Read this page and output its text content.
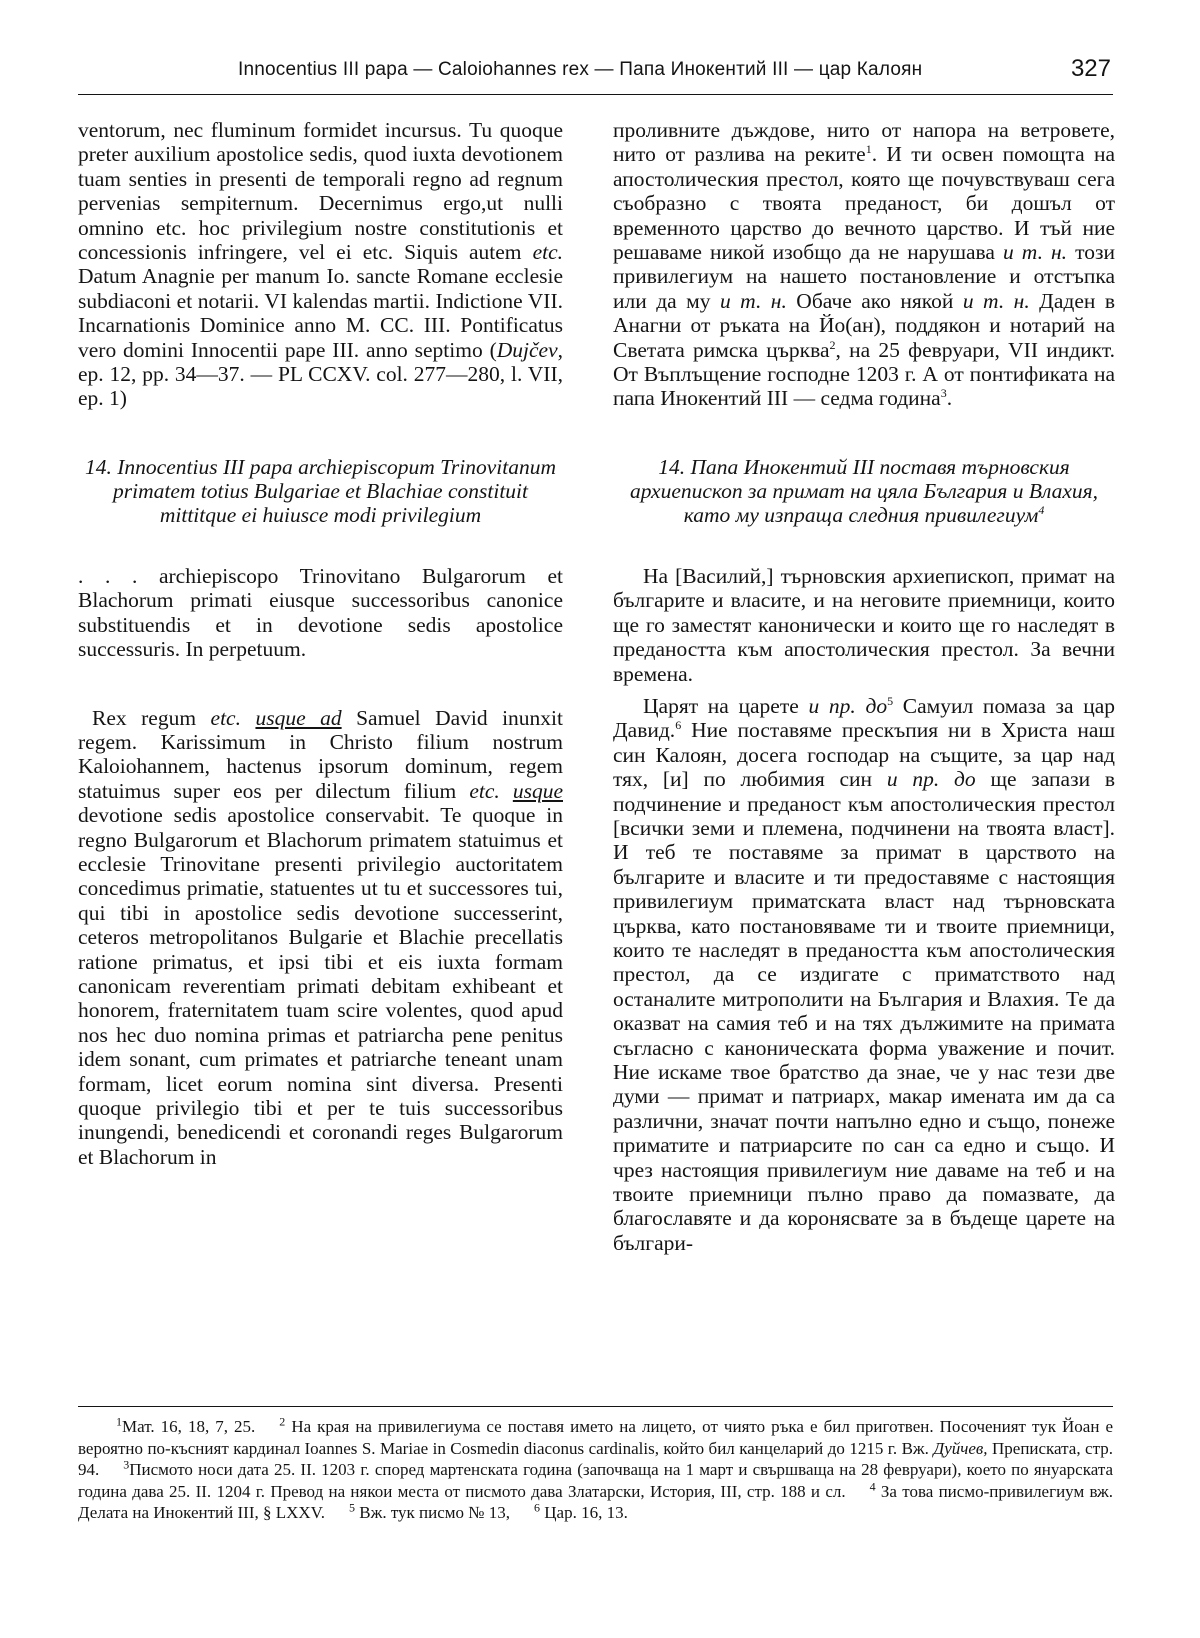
Innocentius III papa — Caloiohannes rex — Папа Инокентий III — цар Калоян	327

ventorum, nec fluminum formidet incursus. Tu quoque preter auxilium apostolice sedis, quod iuxta devotionem tuam senties in presenti de temporali regno ad regnum pervenias sempiternum. Decernimus ergo,ut nulli omnino etc. hoc privilegium nostre constitutionis et concessionis infringere, vel ei etc. Siquis autem etc. Datum Anagnie per manum Io. sancte Romane ecclesie subdiaconi et notarii. VI kalendas martii. Indictione VII. Incarnationis Dominice anno M. CC. III. Pontificatus vero domini Innocentii pape III. anno septimo (Dujčev, ep. 12, pp. 34—37. — PL CCXV. col. 277—280, l. VII, ep. 1)

14. Innocentius III papa archiepiscopum Trinovitanum primatem totius Bulgariae et Blachiae constituit mittitque ei huiusce modi privilegium

. . . archiepiscopo Trinovitano Bulgarorum et Blachorum primati eiusque successoribus canonice substituendis et in devotione sedis apostolice successuris. In perpetuum.

Rex regum etc. usque ad Samuel David inunxit regem. Karissimum in Christo filium nostrum Kaloiohannem, hactenus ipsorum dominum, regem statuimus super eos per dilectum filium etc. usque devotione sedis apostolice conservabit. Te quoque in regno Bulgarorum et Blachorum primatem statuimus et ecclesie Trinovitane presenti privilegio auctoritatem concedimus primatie, statuentes ut tu et successores tui, qui tibi in apostolice sedis devotione successerint, ceteros metropolitanos Bulgarie et Blachie precellatis ratione primatus, et ipsi tibi et eis iuxta formam canonicam reverentiam primati debitam exhibeant et honorem, fraternitatem tuam scire volentes, quod apud nos hec duo nomina primas et patriarcha pene penitus idem sonant, cum primates et patriarche teneant unam formam, licet eorum nomina sint diversa. Presenti quoque privilegio tibi et per te tuis successoribus inungendi, benedicendi et coronandi reges Bulgarorum et Blachorum in

проливните дъждове, нито от напора на ветровете, нито от разлива на реките$^1$. И ти освен помощта на апостолическия престол, която ще почувствуваш сега съобразно с твоята преданост, би дошъл от временното царство до вечното царство. И тъй ние решаваме никой изобщо да не нарушава и т. н. този привилегиум на нашето постановление и отстъпка или да му и т. н. Обаче ако някой и т. н. Даден в Анагни от ръката на Йо(ан), поддякон и нотарий на Светата римска църква$^2$, на 25 февруари, VII индикт. От Въплъщение господне 1203 г. А от понтификата на папа Инокентий III — седма година$^3$.

14. Папа Инокентий III поставя търновския архиепископ за примат на цяла България и Влахия, като му изпраща следния привилегиум$^4$

На [Василий,] търновския архиепископ, примат на българите и власите, и на неговите приемници, които ще го заместят канонически и които ще го наследят в предаността към апостолическия престол. За вечни времена.

Царят на царете и пр. $до^5$ Самуил помаза за цар Давид.$^6$ Ние поставяме прескъпия ни в Христа наш син Калоян, досега господар на същите, за цар над тях, [и] по любимия син и пр. до ще запази в подчинение и преданост към апостолическия престол [всички земи и племена, подчинени на твоята власт]. И теб те поставяме за примат в царството на българите и власите и ти предоставяме с настоящия привилегиум приматската власт над търновската църква, като постановяваме ти и твоите приемници, които те наследят в предаността към апостолическия престол, да се издигате с приматството над останалите митрополити на България и Влахия. Те да оказват на самия теб и на тях дължимите на примата съгласно с каноническата форма уважение и почит. Ние искаме твое братство да знае, че у нас тези две думи — примат и патриарх, макар имената им да са различни, значат почти напълно едно и също, понеже приматите и патриарсите по сан са едно и също. И чрез настоящия привилегиум ние даваме на теб и на твоите приемници пълно право да помазвате, да благославяте и да коронясвате за в бъдеще царете на българи-

$^1$Мат. 16, 18, 7, 25. $^2$ На края на привилегиума се поставя името на лицето, от чиято ръка е бил приготвен. Посоченият тук Йоан е вероятно по-късният кардинал Ioannes S. Mariae in Cosmedin diaconus cardinalis, който бил канцеларий до 1215 г. Вж. Дуйчев, Преписката, стр. 94. $^3$Писмото носи дата 25. II. 1203 г. според мартенската година (започваща на 1 март и свършваща на 28 февруари), което по януарската година дава 25. II. 1204 г. Превод на някои места от писмото дава Златарски, История, III, стр. 188 и сл. $^4$ За това писмо-привилегиум вж. Делата на Инокентий III, § LXXV. $^5$ Вж. тук писмо № 13, $^6$ Цар. 16, 13.
